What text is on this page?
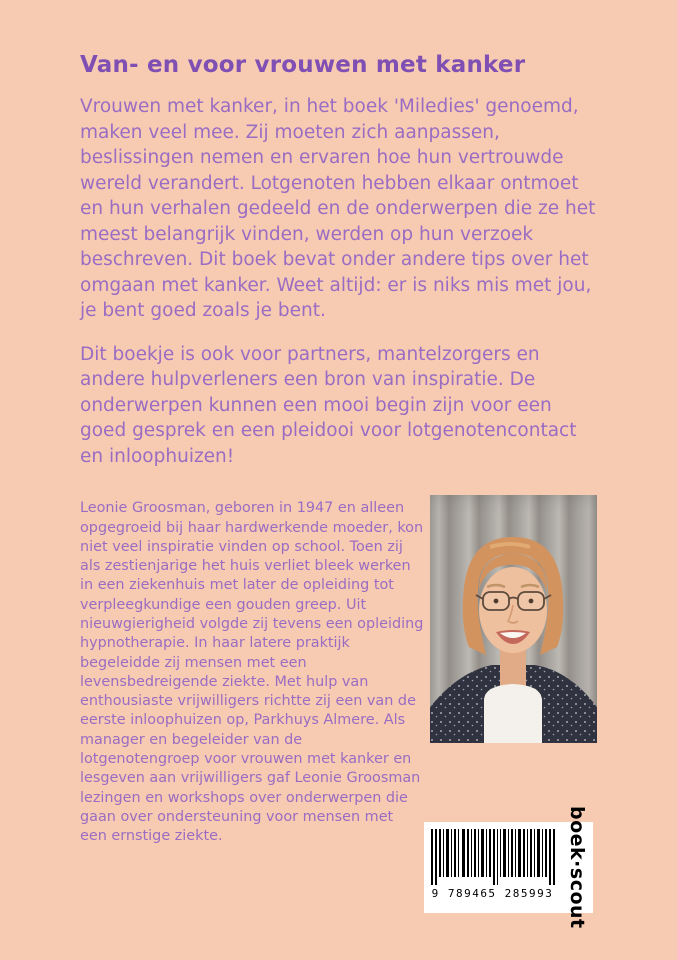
Van- en voor vrouwen met kanker

Vrouwen met kanker, in het boek 'Miledies' genoemd, maken veel mee. Zij moeten zich aanpassen, beslissingen nemen en ervaren hoe hun vertrouwde wereld verandert. Lotgenoten hebben elkaar ontmoet en hun verhalen gedeeld en de onderwerpen die ze het meest belangrijk vinden, werden op hun verzoek beschreven. Dit boek bevat onder andere tips over het omgaan met kanker. Weet altijd: er is niks mis met jou, je bent goed zoals je bent.

Dit boekje is ook voor partners, mantelzorgers en andere hulpverleners een bron van inspiratie. De onderwerpen kunnen een mooi begin zijn voor een goed gesprek en een pleidooi voor lotgenotencontact en inloophuizen!

Leonie Groosman, geboren in 1947 en alleen opgegroeid bij haar hardwerkende moeder, kon niet veel inspiratie vinden op school. Toen zij als zestienjarige het huis verliet bleek werken in een ziekenhuis met later de opleiding tot verpleegkundige een gouden greep. Uit nieuwgierigheid volgde zij tevens een opleiding hypnotherapie. In haar latere praktijk begeleidde zij mensen met een levensbedreigende ziekte. Met hulp van enthousiaste vrijwilligers richtte zij een van de eerste inloophuizen op, Parkhuys Almere. Als manager en begeleider van de lotgenotengroep voor vrouwen met kanker en lesgeven aan vrijwilligers gaf Leonie Groosman lezingen en workshops over onderwerpen die gaan over ondersteuning voor mensen met een ernstige ziekte.

9 789465 285993 boek·scout
